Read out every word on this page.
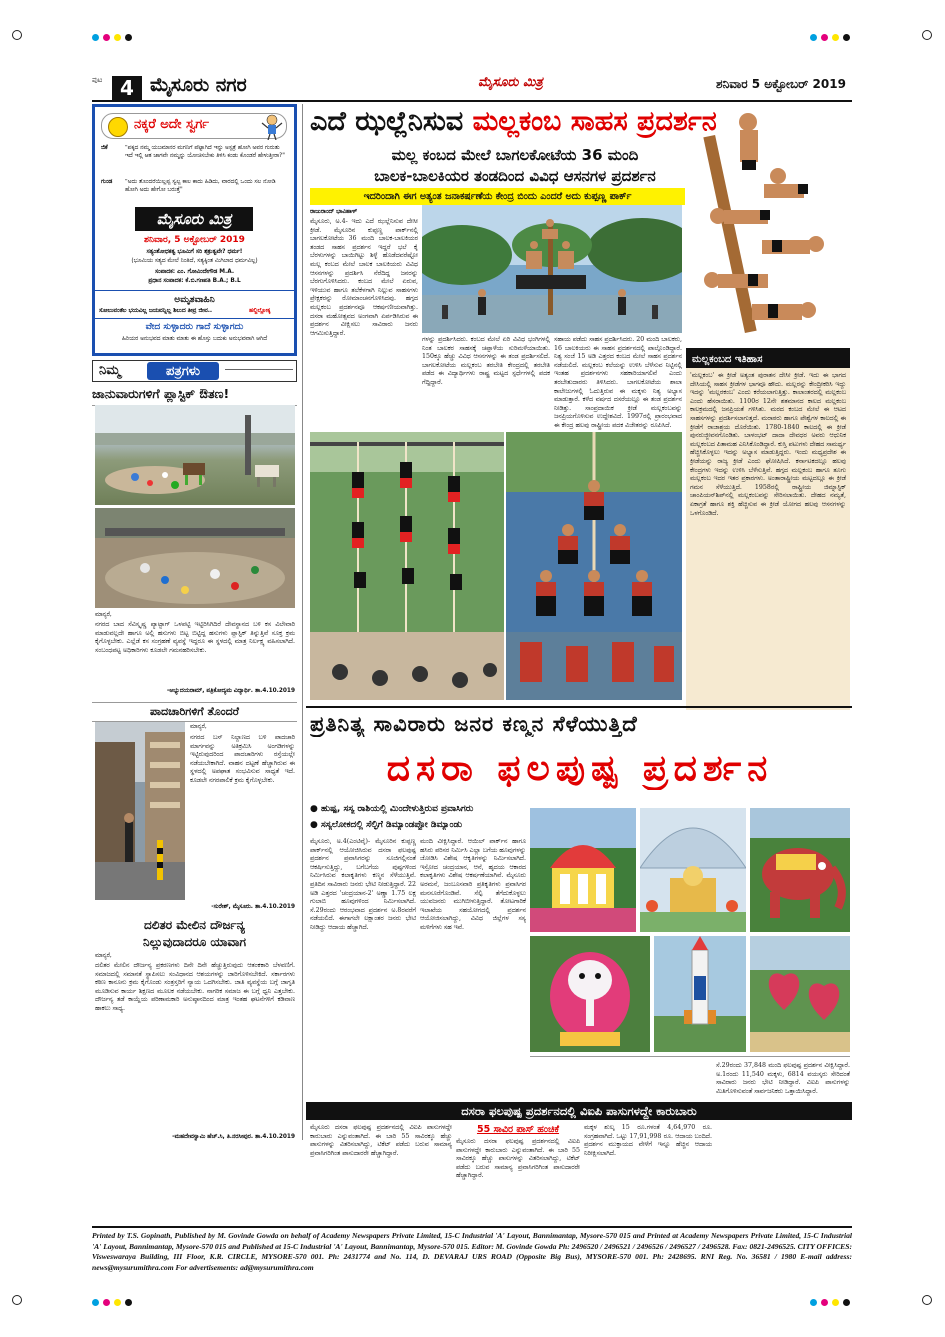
ಪುಟ 4 ಮೈಸೂರು ನಗರ	ಮೈಸೂರು ಮಿತ್ರ	ಶನಿವಾರ 5 ಅಕ್ಟೋಬರ್ 2019
ನಕ್ಕರೆ ಅದೇ ಸ್ವರ್ಗ
ಜಿಕೆ	"ಪಕ್ಕದ ನಮ್ಮ ಯಜಮಾನರ ಮಗನಿಗೆ ಪೆಟ್ಟಾಗಿದೆ ಇನ್ನು ಅಸ್ಪತ್ರೆ ಹೋಗಿ ಅವರ ಗುರುತು ಇದೆ ಇಲ್ಲಿ ಆತ ಜಾಗವೇ ನಮ್ಮನ್ನು ಯೋಚಿಸಬೇಕು ತಿಳಿಸಿ ಕಂಡು ಕೊಂಡರೆ ಹೇಳುತ್ತೀರಾ?"
ಗುಂಡ	"ಅದು ತೊಂದರೆಯಿಲ್ಲಪ್ಪ ಸ್ವಲ್ಪ ಕಾಲ ಕಾದು ಹಿಡಿದು, ವಾರದಲ್ಲಿ ಒಂದು ಸಲ ನೋಡಿ ಹೋಗಿ ಅದು ಹೇಗೋ ಬರುತ್ತೆ"
ಮೈಸೂರು ಮಿತ್ರ
ಶನಿವಾರ, 5 ಅಕ್ಟೋಬರ್ 2019
ಸತ್ಯಂಶೋಧಕತ್ವ ಭೂಮಿಗೆ ಸರಿ ಶತ್ರುತ್ವವೇ? ಧರ್ಮ!
(ಭೂಮಿಯ ಸತ್ಯದ ಮೇಲೆ ನಿಂತಿದೆ, ಸತ್ಯಕ್ಕಿಂತ ಮಿಗಿಲಾದ ಧರ್ಮವಿಲ್ಲ)
ಸಂಪಾದಕ: ಎಂ. ಗೋವಿಂದೇಗೌಡ M.A.
ಪ್ರಧಾನ ಸಂಪಾದಕ: ಕೆ.ಬಿ.ಗಣಪತಿ B.A.; B.L
ಅಮೃತವಾಹಿನಿ
ಸೋಲುವಂತೆಲ ಭಯವಿಲ್ಲ ಜಯವನ್ನಿಲ್ಲ ಶಿಲುದ ತೀವ್ರ ಜೀವ..	ಹಲ್ದಿಲ್ಲೋಕ್ಕ
ವೇದ ಸುಳ್ಳಾದರು ಗಾದೆ ಸುಳ್ಳಾಗದು
ಹಿರಿಯರ ಅನುಭವದ ಮಾತು ಮಾತು ಈ ಹೊಸ್ತು ಬದುಕು ಅನುಭವವಾಗಿ ಆಗಿದೆ
ನಿಮ್ಮ	ಪತ್ರಗಳು
ಜಾನುವಾರುಗಳಿಗೆ ಪ್ಲಾಸ್ಟಿಕ್ ಔತಣ!
ಮಾನ್ಯರೆ,
ನಗರದ ಬಾದ ಸೆವಿಸ್ಕೃಷ್ಣ ಪ್ಯಾಟ್ಟಾಗ್ ಒಳಪಟ್ಟಿ ಇಟ್ಟಿರಿಸಿಗಿದಿರೆ ದೇವಸ್ಥಾನದ ಬಳಿ ಕಸ ವಿಲೇವಾರಿ ಮಾಡುವಲ್ಲದೇ ಹಾಗೂ ಅಲ್ಲಿ ಹಸುಗಳು ಬಿಟ್ಟ ಬಿಟ್ಟಿದ್ದ ಹಸುಗಳು ಪ್ಲಾಸ್ಟಿಕ್ ತಿನ್ನುತ್ತಿವೆ ಸೂಕ್ತ ಕ್ರಮ ಕೈಗೊಳ್ಳಬೇಕು. ಎಲ್ಲೆಡೆ ಕಸ ಸಂಗ್ರಹಣೆ ವ್ಯವಸ್ಥೆ ಇದ್ದರೂ ಈ ಸ್ಥಳದಲ್ಲಿ ಮಾತ್ರ ನಿರ್ಲಕ್ಷ್ಯ ವಹಿಸಲಾಗಿದೆ. ಸಂಬಂಧಪಟ್ಟ ಅಧಿಕಾರಿಗಳು ಕೂಡಲೇ ಗಮನಹರಿಸಬೇಕು.
-ಅಭ್ಯುದಯರಾಮ್, ಪತ್ರಿಕೋದ್ಯಮ ವಿದ್ಯಾರ್ಥಿ. ತಾ.4.10.2019
ಪಾದಚಾರಿಗಳಿಗೆ ತೊಂದರೆ
ಮಾನ್ಯರೆ,
ನಗರದ ಬಸ್ ನಿಲ್ದಾಣದ ಬಳಿ ಪಾದಚಾರಿ ಮಾರ್ಗವನ್ನು ಅತಿಕ್ರಮಿಸಿ ಅಂಗಡಿಗಳನ್ನು ಇಟ್ಟಿರುವುದರಿಂದ ಪಾದಚಾರಿಗಳು ರಸ್ತೆಯಲ್ಲೇ ನಡೆಯಬೇಕಾಗಿದೆ. ವಾಹನ ದಟ್ಟಣೆ ಹೆಚ್ಚಾಗಿರುವ ಈ ಸ್ಥಳದಲ್ಲಿ ಅಪಘಾತ ಸಂಭವಿಸುವ ಸಾಧ್ಯತೆ ಇದೆ. ಕೂಡಲೇ ನಗರಪಾಲಿಕೆ ಕ್ರಮ ಕೈಗೊಳ್ಳಬೇಕು.
-ಸುರೇಶ್, ಮೈಸೂರು. ತಾ.4.10.2019
ದಲಿತರ ಮೇಲಿನ ದೌರ್ಜನ್ಯ
ನಿಲ್ಲುವುದಾದರೂ ಯಾವಾಗ
ಮಾನ್ಯರೆ,
ದಲಿತರ ಮೇಲಿನ ದೌರ್ಜನ್ಯ ಪ್ರಕರಣಗಳು ದಿನೇ ದಿನೇ ಹೆಚ್ಚುತ್ತಿರುವುದು ಆತಂಕಕಾರಿ ಬೆಳವಣಿಗೆ. ಸಮಾಜದಲ್ಲಿ ಸಮಾನತೆ ಸ್ಥಾಪಿಸಲು ಸಂವಿಧಾನದ ಆಶಯಗಳನ್ನು ಜಾರಿಗೊಳಿಸಬೇಕಿದೆ. ಸರ್ಕಾರಗಳು ಕಠಿಣ ಕಾನೂನು ಕ್ರಮ ಕೈಗೊಂಡು ಸಂತ್ರಸ್ತರಿಗೆ ನ್ಯಾಯ ಒದಗಿಸಬೇಕು. ಜಾತಿ ವ್ಯವಸ್ಥೆಯ ಬಗ್ಗೆ ಜಾಗೃತಿ ಮೂಡಿಸುವ ಕಾರ್ಯ ಶಿಕ್ಷಣದ ಮೂಲಕ ನಡೆಯಬೇಕು. ನಾಗರಿಕ ಸಮಾಜ ಈ ಬಗ್ಗೆ ಧ್ವನಿ ಎತ್ತಬೇಕು. ದೌರ್ಜನ್ಯ ತಡೆ ಕಾಯ್ದೆಯ ಪರಿಣಾಮಕಾರಿ ಅನುಷ್ಠಾನದಿಂದ ಮಾತ್ರ ಇಂತಹ ಘಟನೆಗಳಿಗೆ ಕಡಿವಾಣ ಹಾಕಲು ಸಾಧ್ಯ.
-ಮಹದೇವಸ್ವಾಮಿ ಹೆಚ್.ಸಿ, ತಿ.ನರಸೀಪುರ. ತಾ.4.10.2019
ಎದೆ ಝಲ್ಲೆನಿಸುವ ಮಲ್ಲಕಂಬ ಸಾಹಸ ಪ್ರದರ್ಶನ
ಮಲ್ಲ ಕಂಬದ ಮೇಲೆ ಬಾಗಲಕೋಟೆಯ 36 ಮಂದಿ
ಬಾಲಕ-ಬಾಲಕಿಯರ ತಂಡದಿಂದ ವಿವಿಧ ಆಸನಗಳ ಪ್ರದರ್ಶನ
ಇದರಿಂದಾಗಿ ಈಗ ಅತ್ಯಂತ ಜನಾಕರ್ಷಣೆಯ ಕೇಂದ್ರ ಬಿಂದು ಎಂದರೆ ಅದು ಕುಪ್ಪಣ್ಣ ಪಾರ್ಕ್
ರಾಜುರಾಂದ್ ಭಾವಿಹಾಳ್
ಮೈಸೂರು, ಅ.4- ಇದು ಎದೆ ಝಲ್ಲೆನಿಸುವ ದೇಸೀ ಕ್ರೀಡೆ. ಮೈಸೂರಿನ ಕುಪ್ಪಣ್ಣ ಪಾರ್ಕ್‌ನಲ್ಲಿ ಬಾಗಲಕೋಟೆಯ 36 ಮಂದಿ ಬಾಲಕ-ಬಾಲಕಿಯರ ತಂಡದ ಸಾಹಸ ಪ್ರದರ್ಶನ ಇದ್ದರೆ ಭಲೆ ಕೈ ಬೆರಳುಗಳನ್ನು ಬಾಯಿಗಿಟ್ಟು ಶಿಳ್ಳೆ ಹೊಡೆದವರೆಷ್ಟೋ ಮಲ್ಲ ಕಂಬದ ಮೇಲೆ ಬಾಲಕ ಬಾಲಕಿಯರು ವಿವಿಧ ಆಸನಗಳನ್ನು ಪ್ರದರ್ಶಿಸಿ ನೆರೆದಿದ್ದ ಜನರನ್ನು ಬೆರಗುಗೊಳಿಸಿದರು. ಕಂಬದ ಮೇಲೆ ಏರುವ, ಇಳಿಯುವ ಹಾಗೂ ತಲೆಕೆಳಗಾಗಿ ನಿಲ್ಲುವ ಸಾಹಸಗಳು ಪ್ರೇಕ್ಷಕರನ್ನು ರೋಮಾಂಚನಗೊಳಿಸಿದವು. ಹಗ್ಗದ ಮಲ್ಲಕಂಬ ಪ್ರದರ್ಶನವೂ ಆಕರ್ಷಣೀಯವಾಗಿತ್ತು. ದಸರಾ ಮಹೋತ್ಸವದ ಅಂಗವಾಗಿ ಏರ್ಪಡಿಸಿರುವ ಈ ಪ್ರದರ್ಶನ ವೀಕ್ಷಿಸಲು ಸಾವಿರಾರು ಜನರು ಆಗಮಿಸುತ್ತಿದ್ದಾರೆ.
ಗಳನ್ನು ಪ್ರದರ್ಶಿಸಿದರು. ಕಂಬದ ಮೇಲೆ ಏರಿ ವಿವಿಧ ಭಂಗಿಗಳಲ್ಲಿ ನಿಂತ ಬಾಲಕರ ಸಾಹಸಕ್ಕೆ ಚಪ್ಪಾಳೆಯ ಸುರಿಮಳೆಯಾಯಿತು. 150ಕ್ಕೂ ಹೆಚ್ಚು ವಿವಿಧ ಆಸನಗಳನ್ನು ಈ ತಂಡ ಪ್ರದರ್ಶಿಸಲಿದೆ. ಬಾಗಲಕೋಟೆಯ ಮಲ್ಲಕಂಬ ತರಬೇತಿ ಕೇಂದ್ರದಲ್ಲಿ ತರಬೇತಿ ಪಡೆದ ಈ ವಿದ್ಯಾರ್ಥಿಗಳು ರಾಷ್ಟ್ರ ಮಟ್ಟದ ಸ್ಪರ್ಧೆಗಳಲ್ಲಿ ಪದಕ ಗೆದ್ದಿದ್ದಾರೆ.
ಸಹಾಯ ಪಡೆದು ಸಾಹಸ ಪ್ರದರ್ಶಿಸಿದರು. 20 ಮಂದಿ ಬಾಲಕರು, 16 ಬಾಲಕಿಯರು ಈ ಸಾಹಸ ಪ್ರದರ್ಶನದಲ್ಲಿ ಪಾಲ್ಗೊಂಡಿದ್ದಾರೆ. ನಿತ್ಯ ಸಂಜೆ 15 ಅಡಿ ಎತ್ತರದ ಕಂಬದ ಮೇಲೆ ಸಾಹಸ ಪ್ರದರ್ಶನ ನಡೆಯಲಿದೆ. ಮಲ್ಲಕಂಬ ಕಲೆಯನ್ನು ಉಳಿಸಿ ಬೆಳೆಸುವ ನಿಟ್ಟಿನಲ್ಲಿ ಇಂತಹ ಪ್ರದರ್ಶನಗಳು ಸಹಕಾರಿಯಾಗಲಿವೆ ಎಂದು ತರಬೇತುದಾರರು ತಿಳಿಸಿದರು. ಬಾಗಲಕೋಟೆಯ ಶಾಲಾ ಕಾಲೇಜುಗಳಲ್ಲಿ ಓದುತ್ತಿರುವ ಈ ಮಕ್ಕಳು ನಿತ್ಯ ಅಭ್ಯಾಸ ಮಾಡುತ್ತಾರೆ. ಕಳೆದ ವರ್ಷದ ದಸರೆಯಲ್ಲೂ ಈ ತಂಡ ಪ್ರದರ್ಶನ ನೀಡಿತ್ತು. ಸಾಂಪ್ರದಾಯಿಕ ಕ್ರೀಡೆ ಮಲ್ಲಕಂಬವನ್ನು ಜನಪ್ರಿಯಗೊಳಿಸುವ ಉದ್ದೇಶವಿದೆ. 1997ರಲ್ಲಿ ಪ್ರಾರಂಭವಾದ ಈ ಕೇಂದ್ರ ಹಲವು ರಾಷ್ಟ್ರೀಯ ಪದಕ ವಿಜೇತರನ್ನು ರೂಪಿಸಿದೆ.
ಮಲ್ಲಕಂಬದ ಇತಿಹಾಸ
'ಮಲ್ಲಕಂಬ' ಈ ಕ್ರೀಡೆ ಅತ್ಯಂತ ಪುರಾತನ ದೇಸೀ ಕ್ರೀಡೆ. ಇದು ಈ ಭಾಗದ ದೇಸಿಯಲ್ಲಿ ಸಾಹಸ ಕ್ರೀಡೆಗಳ ಭಾಗವೂ ಹೌದು. ಮಲ್ಲರನ್ನು ಕೇಂದ್ರೀಕರಿಸಿ ಇದ್ದು ಇದನ್ನು 'ಮಲ್ಲರಕಂಬ' ಎಂದು ಕರೆಯಲಾಗುತ್ತಿತ್ತು. ಕಾಲಾಂತರದಲ್ಲಿ ಮಲ್ಲಕಂಬ ಎಂದು ಹೆಸರಾಯಿತು. 1100ರ 12ನೇ ಶತಮಾನದ ಕಾಲದ ಮಲ್ಲಕಂಬ ಕಾಲಕ್ರಮದಲ್ಲಿ ಜನಪ್ರಿಯತೆ ಗಳಿಸಿತು. ಮರದ ಕಂಬದ ಮೇಲೆ ಈ ಆಟದ ಸಾಹಸಗಳನ್ನು ಪ್ರದರ್ಶಿಸಲಾಗುತ್ತದೆ. ಮರಾಠರು ಹಾಗೂ ಪೇಶ್ವೆಗಳ ಕಾಲದಲ್ಲಿ ಈ ಕ್ರೀಡೆಗೆ ರಾಜಾಶ್ರಯ ದೊರೆಯಿತು. 1780-1840 ಕಾಲದಲ್ಲಿ ಈ ಕ್ರೀಡೆ ಪುನರುಜ್ಜೀವನಗೊಂಡಿತು. ಬಾಳಂಭಟ್ ದಾದಾ ದೇವಧರ ಅವರು ಆಧುನಿಕ ಮಲ್ಲಕಂಬದ ಪಿತಾಮಹ ಎನಿಸಿಕೊಂಡಿದ್ದಾರೆ. ಕುಸ್ತಿ ಪಟುಗಳು ದೇಹದ ಸಾಮರ್ಥ್ಯ ಹೆಚ್ಚಿಸಿಕೊಳ್ಳಲು ಇದನ್ನು ಅಭ್ಯಾಸ ಮಾಡುತ್ತಿದ್ದರು. ಇಂದು ಮಧ್ಯಪ್ರದೇಶ ಈ ಕ್ರೀಡೆಯನ್ನು ರಾಜ್ಯ ಕ್ರೀಡೆ ಎಂದು ಘೋಷಿಸಿದೆ. ಕರ್ನಾಟಕದಲ್ಲೂ ಹಲವು ಕೇಂದ್ರಗಳು ಇದನ್ನು ಉಳಿಸಿ ಬೆಳೆಸುತ್ತಿವೆ. ಹಗ್ಗದ ಮಲ್ಲಕಂಬ ಹಾಗೂ ತೂಗು ಮಲ್ಲಕಂಬ ಇದರ ಇತರ ಪ್ರಕಾರಗಳು. ಅಂತಾರಾಷ್ಟ್ರೀಯ ಮಟ್ಟದಲ್ಲೂ ಈ ಕ್ರೀಡೆ ಗಮನ ಸೆಳೆಯುತ್ತಿದೆ. 1958ರಲ್ಲಿ ರಾಷ್ಟ್ರೀಯ ಜಿಮ್ನಾಸ್ಟಿಕ್ ಚಾಂಪಿಯನ್‌ಶಿಪ್‌ನಲ್ಲಿ ಮಲ್ಲಕಂಬವನ್ನು ಸೇರಿಸಲಾಯಿತು. ದೇಹದ ನಮ್ಯತೆ, ಏಕಾಗ್ರತೆ ಹಾಗೂ ಶಕ್ತಿ ಹೆಚ್ಚಿಸುವ ಈ ಕ್ರೀಡೆ ಯೋಗದ ಹಲವು ಆಸನಗಳನ್ನು ಒಳಗೊಂಡಿದೆ.
ಪ್ರತಿನಿತ್ಯ ಸಾವಿರಾರು ಜನರ ಕಣ್ಮನ ಸೆಳೆಯುತ್ತಿದೆ
ದಸರಾ ಫಲಪುಷ್ಪ ಪ್ರದರ್ಶನ
● ಹುಷ್ಪ, ಸಸ್ಯ ರಾಶಿಯಲ್ಲಿ ಮಿಂದೇಳುತ್ತಿರುವ ಪ್ರವಾಸಿಗರು
● ಸಸ್ಯಲೋಕದಲ್ಲಿ ಸೆಲ್ಫಿಗೆ ಡಿಮ್ಯಾಂಡಪ್ಪೋ ಡಿಮ್ಯಾಂಡು
ಮೈಸೂರು, ಅ.4(ಎಂಟಿವೈ)- ಮೈಸೂರಿನ ಕುಪ್ಪಣ್ಣ ಪಾರ್ಕ್‌ನಲ್ಲಿ ಆಯೋಜಿಸಿರುವ ದಸರಾ ಫಲಪುಷ್ಪ ಪ್ರದರ್ಶನ ಪ್ರವಾಸಿಗರನ್ನು ಸೂಜಿಗಲ್ಲಿನಂತೆ ಆಕರ್ಷಿಸುತ್ತಿದ್ದು, ಬಗೆಬಗೆಯ ಪುಷ್ಪಗಳಿಂದ ನಿರ್ಮಿಸಿರುವ ಕಲಾಕೃತಿಗಳು ಕಣ್ಮನ ಸೆಳೆಯುತ್ತಿವೆ. ಪ್ರತಿದಿನ ಸಾವಿರಾರು ಜನರು ಭೇಟಿ ನೀಡುತ್ತಿದ್ದಾರೆ. 22 ಅಡಿ ಎತ್ತರದ 'ಚಂದ್ರಯಾನ-2' ಅಣ್ಣಾ 1.75 ಲಕ್ಷ ಗುಲಾಬಿ ಹೂವುಗಳಿಂದ ನಿರ್ಮಿಸಲಾಗಿದೆ. ಸೆ.29ರಂದು ಆರಂಭವಾದ ಪ್ರದರ್ಶನ ಅ.8ರವರೆಗೆ ನಡೆಯಲಿದೆ. ಈಗಾಗಲೇ ಲಕ್ಷಾಂತರ ಜನರು ಭೇಟಿ ನೀಡಿದ್ದು ಆದಾಯ ಹೆಚ್ಚಾಗಿದೆ.
ಮಂದಿ ವೀಕ್ಷಿಸಿದ್ದಾರೆ. ಆಯಿಲ್ ಪಾರ್ಕ್‌ನ ಹಾಗೂ ಹಸಿರು ಪರಿಸರ ನಿರ್ಮಿಸಿ ಎಲ್ಲಾ ಬಗೆಯ ಹೂವುಗಳನ್ನು ಜೋಡಿಸಿ ವಿಶೇಷ ಆಕೃತಿಗಳನ್ನು ನಿರ್ಮಿಸಲಾಗಿದೆ. ಇಸ್ರೋದ ಚಂದ್ರಯಾನ, ಆನೆ, ಹೃದಯ ಆಕಾರದ ಕಲಾಕೃತಿಗಳು ವಿಶೇಷ ಆಕರ್ಷಣೆಯಾಗಿವೆ. ಮೈಸೂರು ಅರಮನೆ, ಜಂಬೂಸವಾರಿ ಪ್ರತಿಕೃತಿಗಳು ಪ್ರವಾಸಿಗರ ಮನಸೂರೆಗೊಂಡಿವೆ. ಸೆಲ್ಫಿ ತೆಗೆದುಕೊಳ್ಳಲು ಯುವಜನರು ಮುಗಿಬೀಳುತ್ತಿದ್ದಾರೆ. ತೋಟಗಾರಿಕೆ ಇಲಾಖೆಯ ಸಹಯೋಗದಲ್ಲಿ ಪ್ರದರ್ಶನ ಆಯೋಜಿಸಲಾಗಿದ್ದು, ವಿವಿಧ ಜಿಲ್ಲೆಗಳ ಸಸ್ಯ ಮಳಿಗೆಗಳು ಸಹ ಇವೆ.
ದಸರಾ ಫಲಪುಷ್ಪ ಪ್ರದರ್ಶನದಲ್ಲಿ ವಿಐಪಿ ಪಾಸುಗಳದ್ದೇ ಕಾರುಬಾರು
ಮೈಸೂರು ದಸರಾ ಫಲಪುಷ್ಪ ಪ್ರದರ್ಶನದಲ್ಲಿ ವಿಐಪಿ ಪಾಸುಗಳದ್ದೇ ಕಾರುಬಾರು ಎನ್ನುವಂತಾಗಿದೆ. ಈ ಬಾರಿ 55 ಸಾವಿರಕ್ಕೂ ಹೆಚ್ಚು ಪಾಸುಗಳನ್ನು ವಿತರಿಸಲಾಗಿದ್ದು, ಟಿಕೆಟ್ ಪಡೆದು ಬರುವ ಸಾಮಾನ್ಯ ಪ್ರವಾಸಿಗರಿಗಿಂತ ಪಾಸುದಾರರೇ ಹೆಚ್ಚಾಗಿದ್ದಾರೆ.
55 ಸಾವಿರ ಪಾಸ್ ಹಂಚಿಕೆ
ಮೈಸೂರು ದಸರಾ ಫಲಪುಷ್ಪ ಪ್ರದರ್ಶನದಲ್ಲಿ ವಿಐಪಿ ಪಾಸುಗಳದ್ದೇ ಕಾರುಬಾರು ಎನ್ನುವಂತಾಗಿದೆ. ಈ ಬಾರಿ 55 ಸಾವಿರಕ್ಕೂ ಹೆಚ್ಚು ಪಾಸುಗಳನ್ನು ವಿತರಿಸಲಾಗಿದ್ದು, ಟಿಕೆಟ್ ಪಡೆದು ಬರುವ ಸಾಮಾನ್ಯ ಪ್ರವಾಸಿಗರಿಗಿಂತ ಪಾಸುದಾರರೇ ಹೆಚ್ಚಾಗಿದ್ದಾರೆ.
ಮಕ್ಕಳ ಶುಲ್ಕ 15 ರೂ.ಗಳಂತೆ 4,64,970 ರೂ. ಸಂಗ್ರಹವಾಗಿದೆ. ಒಟ್ಟು 17,91,998 ರೂ. ಆದಾಯ ಬಂದಿದೆ. ಪ್ರದರ್ಶನ ಮುಕ್ತಾಯದ ವೇಳೆಗೆ ಇನ್ನೂ ಹೆಚ್ಚಿನ ಆದಾಯ ನಿರೀಕ್ಷಿಸಲಾಗಿದೆ.
ಸೆ.29ರಂದು 37,848 ಮಂದಿ ಫಲಪುಷ್ಪ ಪ್ರದರ್ಶನ ವೀಕ್ಷಿಸಿದ್ದಾರೆ. ಅ.1ರಂದು 11,540 ಮಕ್ಕಳು, 6814 ವಯಸ್ಕರು ಸೇರಿದಂತೆ ಸಾವಿರಾರು ಜನರು ಭೇಟಿ ನೀಡಿದ್ದಾರೆ. ವಿಐಪಿ ಪಾಸುಗಳನ್ನು ಮಿತಿಗೊಳಿಸುವಂತೆ ಸಾರ್ವಜನಿಕರು ಒತ್ತಾಯಿಸಿದ್ದಾರೆ.
Printed by T.S. Gopinath, Published by M. Govinde Gowda on behalf of Academy Newspapers Private Limited, 15-C Industrial 'A' Layout, Bannimantap, Mysore-570 015 and Printed at Academy Newspapers Private Limited, 15-C Industrial 'A' Layout, Bannimantap, Mysore-570 015 and Published at 15-C Industrial 'A' Layout, Bannimantap, Mysore-570 015. Editor: M. Govinde Gowda Ph: 2496520 / 2496521 / 2496526 / 2496527 / 2496528. Fax: 0821-2496525. CITY OFFICES: Visweswaraya Building, III Floor, K.R. CIRCLE, MYSORE-570 001. Ph: 2431774 and No. 114, D. DEVARAJ URS ROAD (Opposite Big Bus), MYSORE-570 001. Ph: 2428695. RNI Reg. No. 36581 / 1980 E-mail address: news@mysurumithra.com For advertisements: ad@mysurumithra.com
